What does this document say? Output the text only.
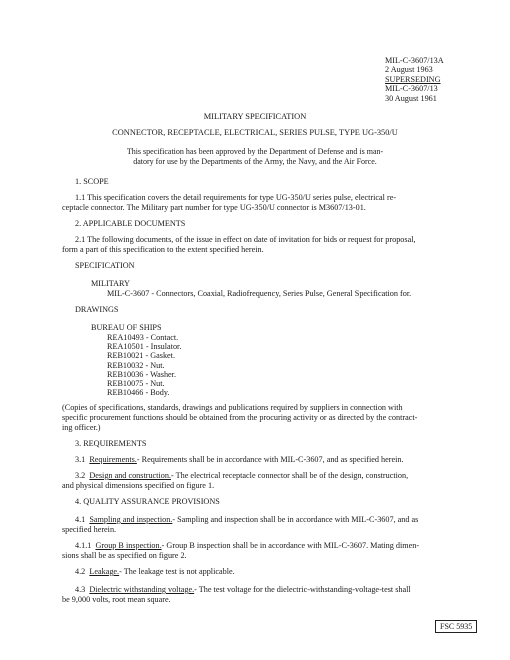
MIL-C-3607/13A
2 August 1963
SUPERSEDING
MIL-C-3607/13
30 August 1961
MILITARY SPECIFICATION
CONNECTOR, RECEPTACLE, ELECTRICAL, SERIES PULSE, TYPE UG-350/U
This specification has been approved by the Department of Defense and is man-
datory for use by the Departments of the Army, the Navy, and the Air Force.
1. SCOPE
1.1 This specification covers the detail requirements for type UG-350/U series pulse, electrical re-
ceptacle connector. The Military part number for type UG-350/U connector is M3607/13-01.
2. APPLICABLE DOCUMENTS
2.1 The following documents, of the issue in effect on date of invitation for bids or request for proposal,
form a part of this specification to the extent specified herein.
SPECIFICATION
MILITARY
MIL-C-3607 - Connectors, Coaxial, Radiofrequency, Series Pulse, General Specification for.
DRAWINGS
BUREAU OF SHIPS
REA10493 - Contact.
REA10501 - Insulator.
REB10021 - Gasket.
REB10032 - Nut.
REB10036 - Washer.
REB10075 - Nut.
REB10466 - Body.
(Copies of specifications, standards, drawings and publications required by suppliers in connection with
specific procurement functions should be obtained from the procuring activity or as directed by the contract-
ing officer.)
3. REQUIREMENTS
3.1 Requirements.- Requirements shall be in accordance with MIL-C-3607, and as specified herein.
3.2 Design and construction.- The electrical receptacle connector shall be of the design, construction,
and physical dimensions specified on figure 1.
4. QUALITY ASSURANCE PROVISIONS
4.1 Sampling and inspection.- Sampling and inspection shall be in accordance with MIL-C-3607, and as
specified herein.
4.1.1 Group B inspection.- Group B inspection shall be in accordance with MIL-C-3607. Mating dimen-
sions shall be as specified on figure 2.
4.2 Leakage.- The leakage test is not applicable.
4.3 Dielectric withstanding voltage.- The test voltage for the dielectric-withstanding-voltage-test shall
be 9,000 volts, root mean square.
FSC 5935
